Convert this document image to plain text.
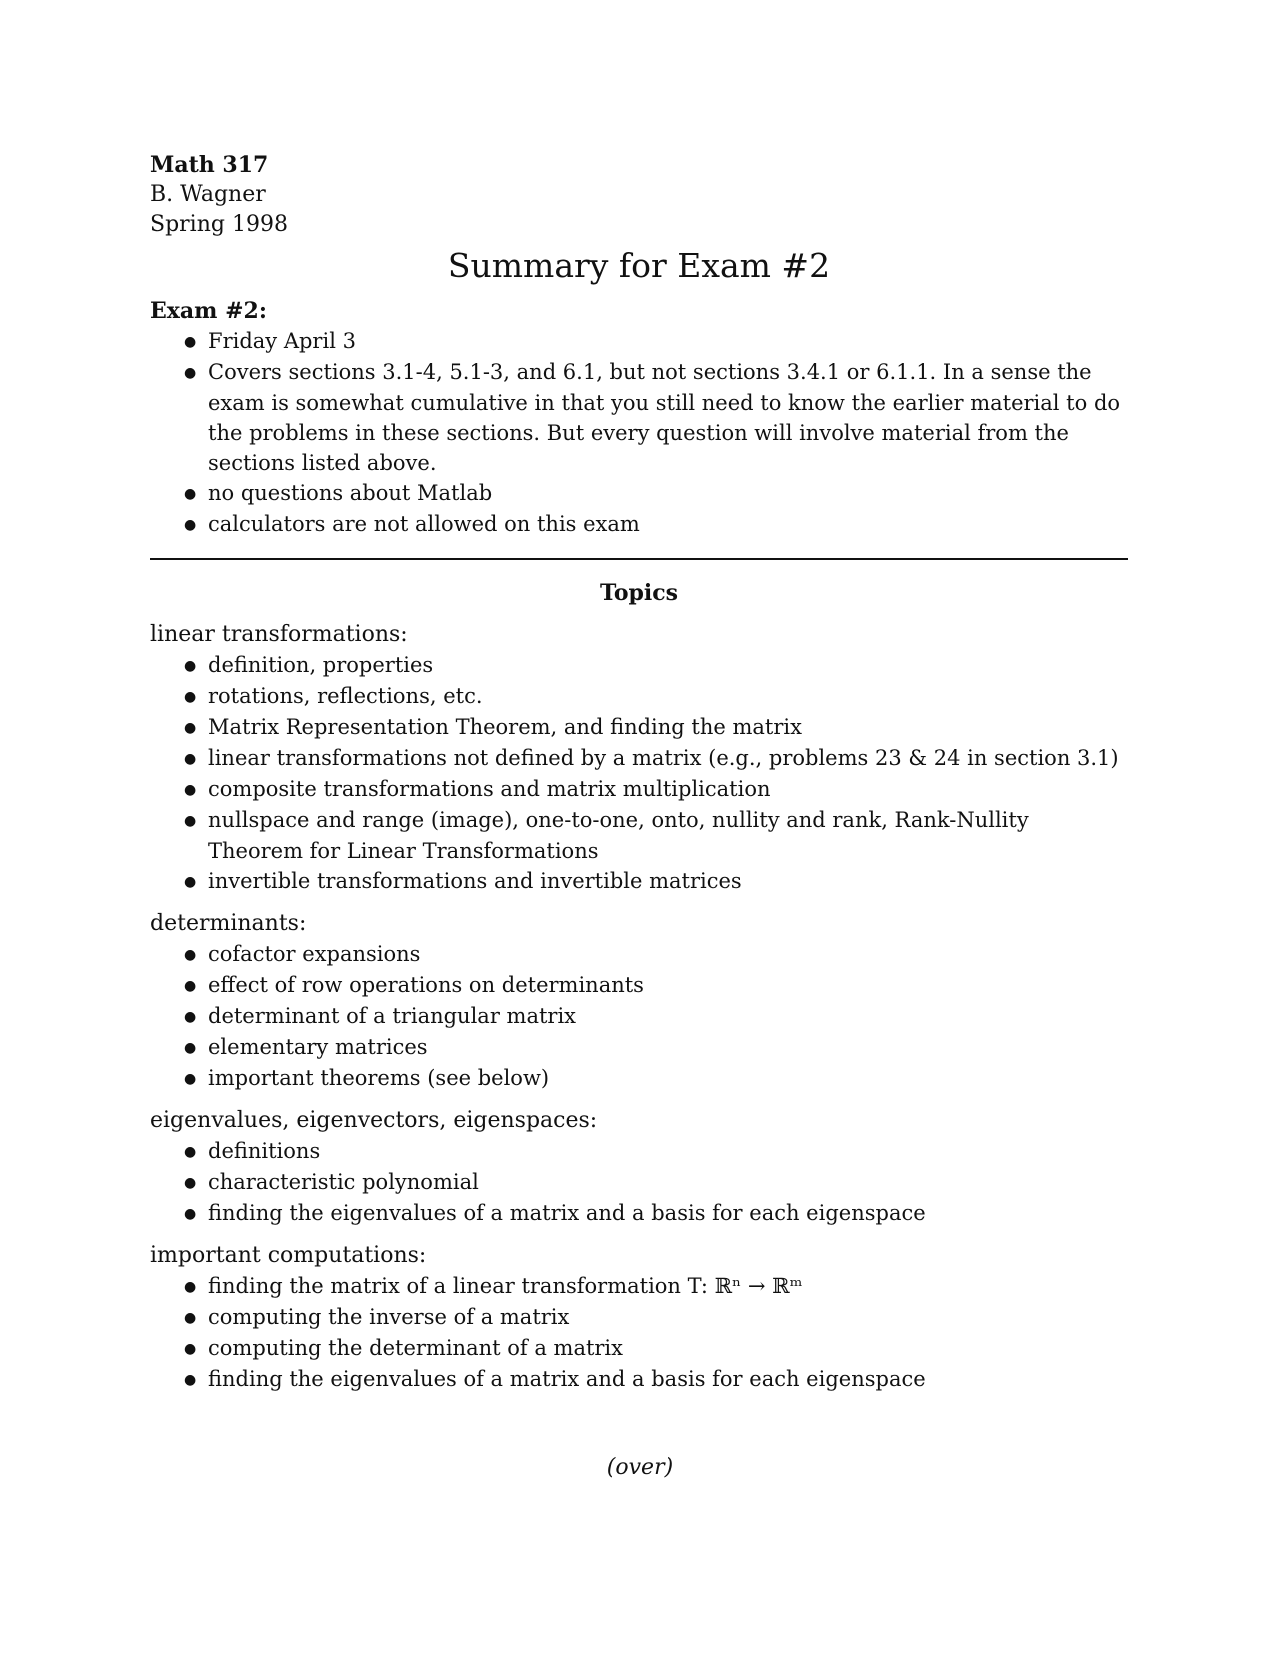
Math 317
B. Wagner
Spring 1998
Summary for Exam #2
Exam #2:
● Friday April 3
● Covers sections 3.1-4, 5.1-3, and 6.1, but not sections 3.4.1 or 6.1.1. In a sense the exam is somewhat cumulative in that you still need to know the earlier material to do the problems in these sections. But every question will involve material from the sections listed above.
● no questions about Matlab
● calculators are not allowed on this exam
Topics
linear transformations:
● definition, properties
● rotations, reflections, etc.
● Matrix Representation Theorem, and finding the matrix
● linear transformations not defined by a matrix (e.g., problems 23 & 24 in section 3.1)
● composite transformations and matrix multiplication
● nullspace and range (image), one-to-one, onto, nullity and rank, Rank-Nullity Theorem for Linear Transformations
● invertible transformations and invertible matrices
determinants:
● cofactor expansions
● effect of row operations on determinants
● determinant of a triangular matrix
● elementary matrices
● important theorems (see below)
eigenvalues, eigenvectors, eigenspaces:
● definitions
● characteristic polynomial
● finding the eigenvalues of a matrix and a basis for each eigenspace
important computations:
● finding the matrix of a linear transformation T: ℝⁿ → ℝᵐ
● computing the inverse of a matrix
● computing the determinant of a matrix
● finding the eigenvalues of a matrix and a basis for each eigenspace
(over)
